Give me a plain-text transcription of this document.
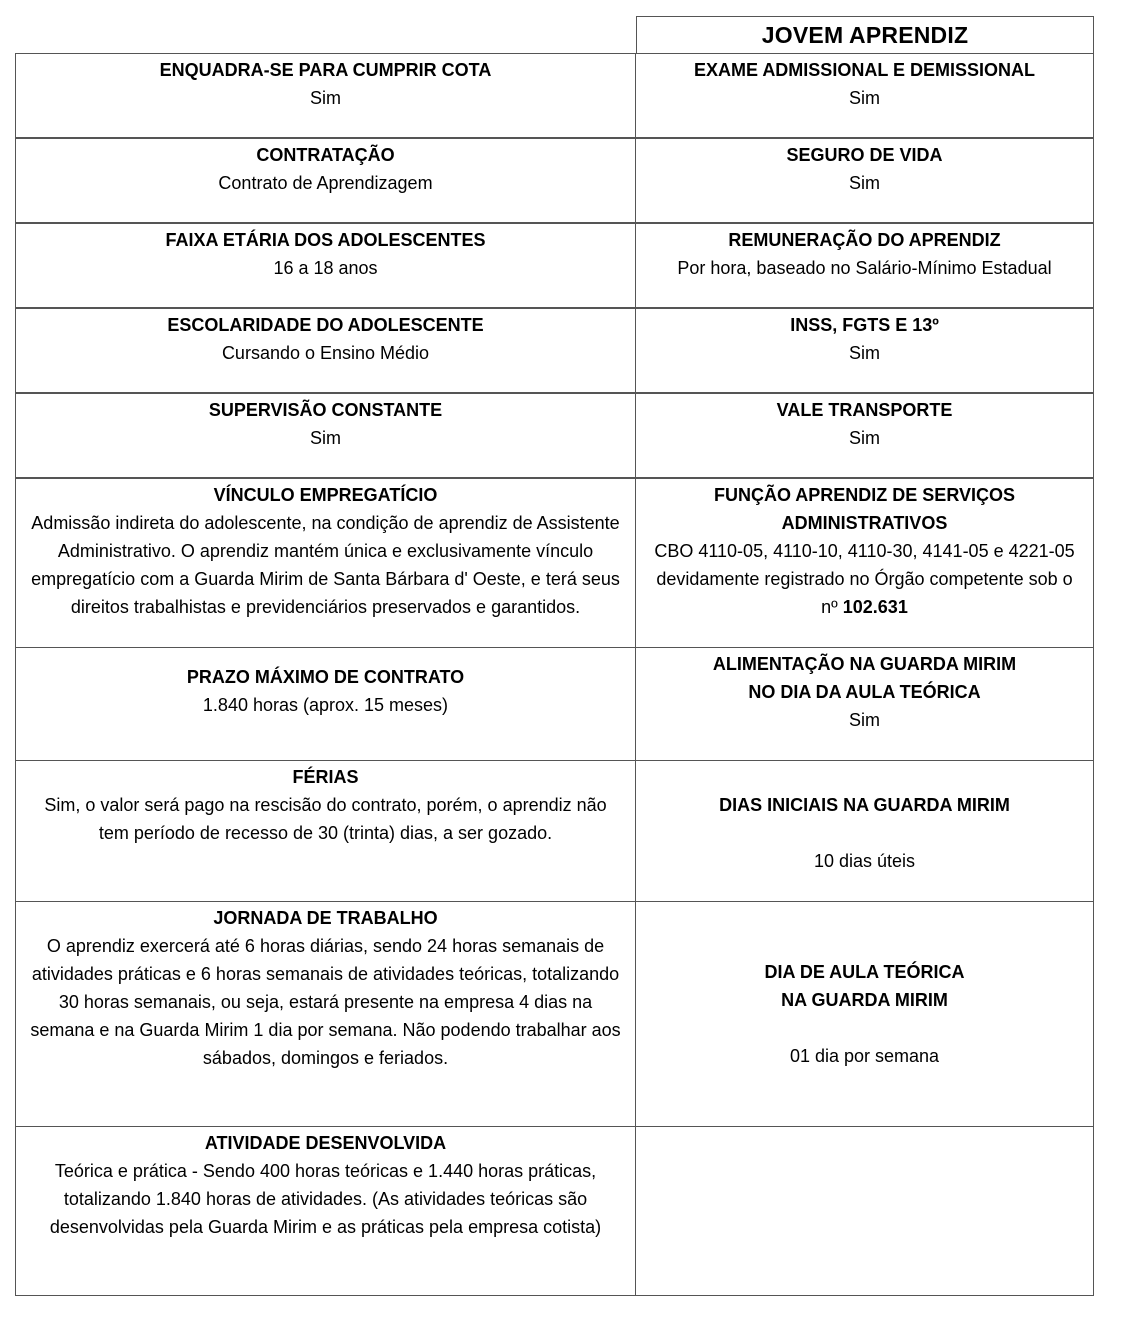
JOVEM APRENDIZ
ENQUADRA-SE PARA CUMPRIR COTA
Sim
EXAME ADMISSIONAL E DEMISSIONAL
Sim
CONTRATAÇÃO
Contrato de Aprendizagem
SEGURO DE VIDA
Sim
FAIXA ETÁRIA DOS ADOLESCENTES
16 a 18 anos
REMUNERAÇÃO DO APRENDIZ
Por hora, baseado no Salário-Mínimo Estadual
ESCOLARIDADE DO ADOLESCENTE
Cursando o Ensino Médio
INSS, FGTS E 13º
Sim
SUPERVISÃO CONSTANTE
Sim
VALE TRANSPORTE
Sim
VÍNCULO EMPREGATÍCIO
Admissão indireta do adolescente, na condição de aprendiz de Assistente Administrativo. O aprendiz mantém única e exclusivamente vínculo empregatício com a Guarda Mirim de Santa Bárbara d' Oeste, e terá seus direitos trabalhistas e previdenciários preservados e garantidos.
FUNÇÃO APRENDIZ DE SERVIÇOS
ADMINISTRATIVOS
CBO 4110-05, 4110-10, 4110-30, 4141-05 e 4221-05 devidamente registrado no Órgão competente sob o nº 102.631
PRAZO MÁXIMO DE CONTRATO
1.840 horas (aprox. 15 meses)
ALIMENTAÇÃO NA GUARDA MIRIM
NO DIA DA AULA TEÓRICA
Sim
FÉRIAS
Sim, o valor será pago na rescisão do contrato, porém, o aprendiz não tem período de recesso de 30 (trinta) dias, a ser gozado.
DIAS INICIAIS NA GUARDA MIRIM
10 dias úteis
JORNADA DE TRABALHO
O aprendiz exercerá até 6 horas diárias, sendo 24 horas semanais de atividades práticas e 6 horas semanais de atividades teóricas, totalizando 30 horas semanais, ou seja, estará presente na empresa 4 dias na semana e na Guarda Mirim 1 dia por semana. Não podendo trabalhar aos sábados, domingos e feriados.
DIA DE AULA TEÓRICA
NA GUARDA MIRIM
01 dia por semana
ATIVIDADE DESENVOLVIDA
Teórica e prática - Sendo 400 horas teóricas e 1.440 horas práticas, totalizando 1.840 horas de atividades. (As atividades teóricas são desenvolvidas pela Guarda Mirim e as práticas pela empresa cotista)
